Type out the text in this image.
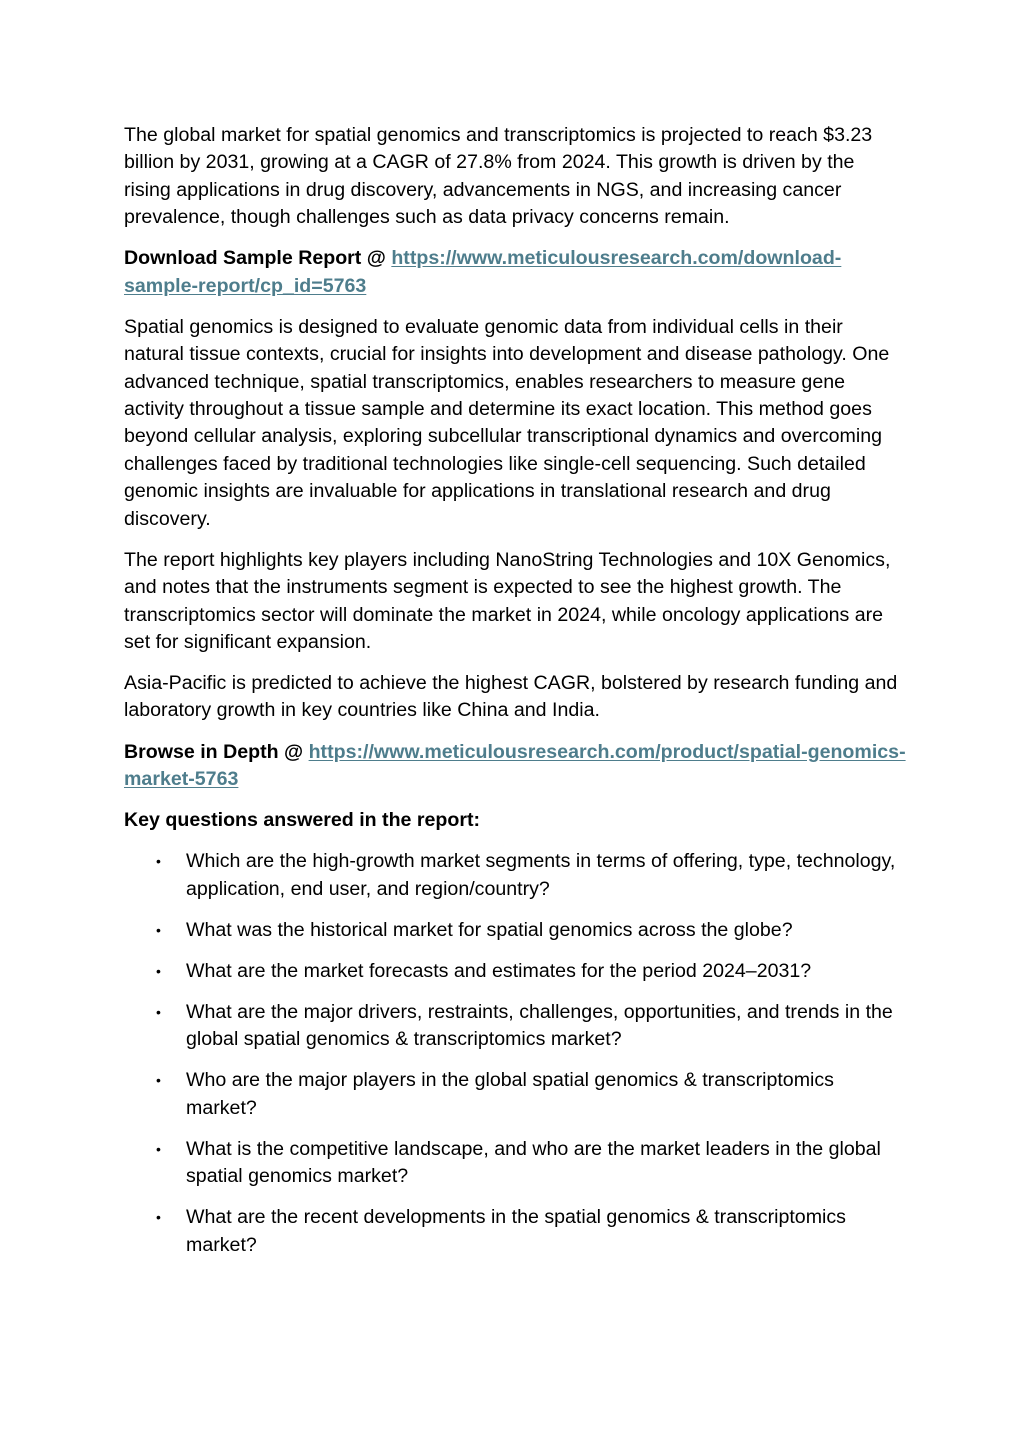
The global market for spatial genomics and transcriptomics is projected to reach $3.23 billion by 2031, growing at a CAGR of 27.8% from 2024. This growth is driven by the rising applications in drug discovery, advancements in NGS, and increasing cancer prevalence, though challenges such as data privacy concerns remain.

Download Sample Report @ https://www.meticulousresearch.com/download-sample-report/cp_id=5763

Spatial genomics is designed to evaluate genomic data from individual cells in their natural tissue contexts, crucial for insights into development and disease pathology. One advanced technique, spatial transcriptomics, enables researchers to measure gene activity throughout a tissue sample and determine its exact location. This method goes beyond cellular analysis, exploring subcellular transcriptional dynamics and overcoming challenges faced by traditional technologies like single-cell sequencing. Such detailed genomic insights are invaluable for applications in translational research and drug discovery.

The report highlights key players including NanoString Technologies and 10X Genomics, and notes that the instruments segment is expected to see the highest growth. The transcriptomics sector will dominate the market in 2024, while oncology applications are set for significant expansion.

Asia-Pacific is predicted to achieve the highest CAGR, bolstered by research funding and laboratory growth in key countries like China and India.

Browse in Depth @ https://www.meticulousresearch.com/product/spatial-genomics-market-5763

Key questions answered in the report:

• Which are the high-growth market segments in terms of offering, type, technology, application, end user, and region/country?
• What was the historical market for spatial genomics across the globe?
• What are the market forecasts and estimates for the period 2024–2031?
• What are the major drivers, restraints, challenges, opportunities, and trends in the global spatial genomics & transcriptomics market?
• Who are the major players in the global spatial genomics & transcriptomics market?
• What is the competitive landscape, and who are the market leaders in the global spatial genomics market?
• What are the recent developments in the spatial genomics & transcriptomics market?
